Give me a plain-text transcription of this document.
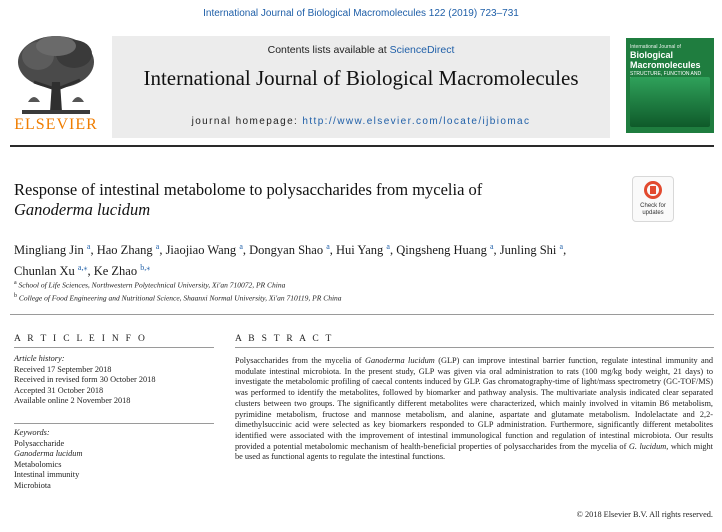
International Journal of Biological Macromolecules 122 (2019) 723–731
ELSEVIER
Contents lists available at ScienceDirect
International Journal of Biological Macromolecules
journal homepage: http://www.elsevier.com/locate/ijbiomac
International Journal of
Biological
Macromolecules
STRUCTURE, FUNCTION AND
Response of intestinal metabolome to polysaccharides from mycelia of
Ganoderma lucidum	Check for
updates
Mingliang Jin $^a$, Hao Zhang $^a$, Jiaojiao Wang $^a$, Dongyan Shao $^a$, Hui Yang $^a$, Qingsheng Huang $^a$, Junling Shi $^a$,
Chunlan Xu $^{a,⁎}$, Ke Zhao $^{b,⁎}$
$^a$ School of Life Sciences, Northwestern Polytechnical University, Xi'an 710072, PR China
$^b$ College of Food Engineering and Nutritional Science, Shaanxi Normal University, Xi'an 710119, PR China
A R T I C L E I N F O
Article history:
Received 17 September 2018
Received in revised form 30 October 2018
Accepted 31 October 2018
Available online 2 November 2018
Keywords:
Polysaccharide
Ganoderma lucidum
Metabolomics
Intestinal immunity
Microbiota
A B S T R A C T
Polysaccharides from the mycelia of Ganoderma lucidum (GLP) can improve intestinal barrier function, regulate intestinal immunity and modulate intestinal microbiota. In the present study, GLP was given via oral administration to rats (100 mg/kg body weight, 21 days) to investigate the metabolomic profiling of caecal contents induced by GLP. Gas chromatography-time of light/mass spectrometry (GC-TOF/MS) was performed to identify the metabolites, followed by biomarker and pathway analysis. The multivariate analysis indicated clear separated clusters between two groups. The significantly different metabolites were characterized, which mainly involved in vitamin B6 metabolism, pyrimidine metabolism, fructose and mannose metabolism, and alanine, aspartate and glutamate metabolism. Indolelactate and 2,2-dimethylsuccinic acid were selected as key biomarkers responded to GLP administration. Furthermore, significantly different metabolites identified were associated with the improvement of intestinal immunological function and regulation of intestinal microbiota. Our results provided a potential metabolomic mechanism of health-beneficial properties of polysaccharides from the mycelia of G. lucidum, which might be used as functional agents to regulate the intestinal functions.
© 2018 Elsevier B.V. All rights reserved.
